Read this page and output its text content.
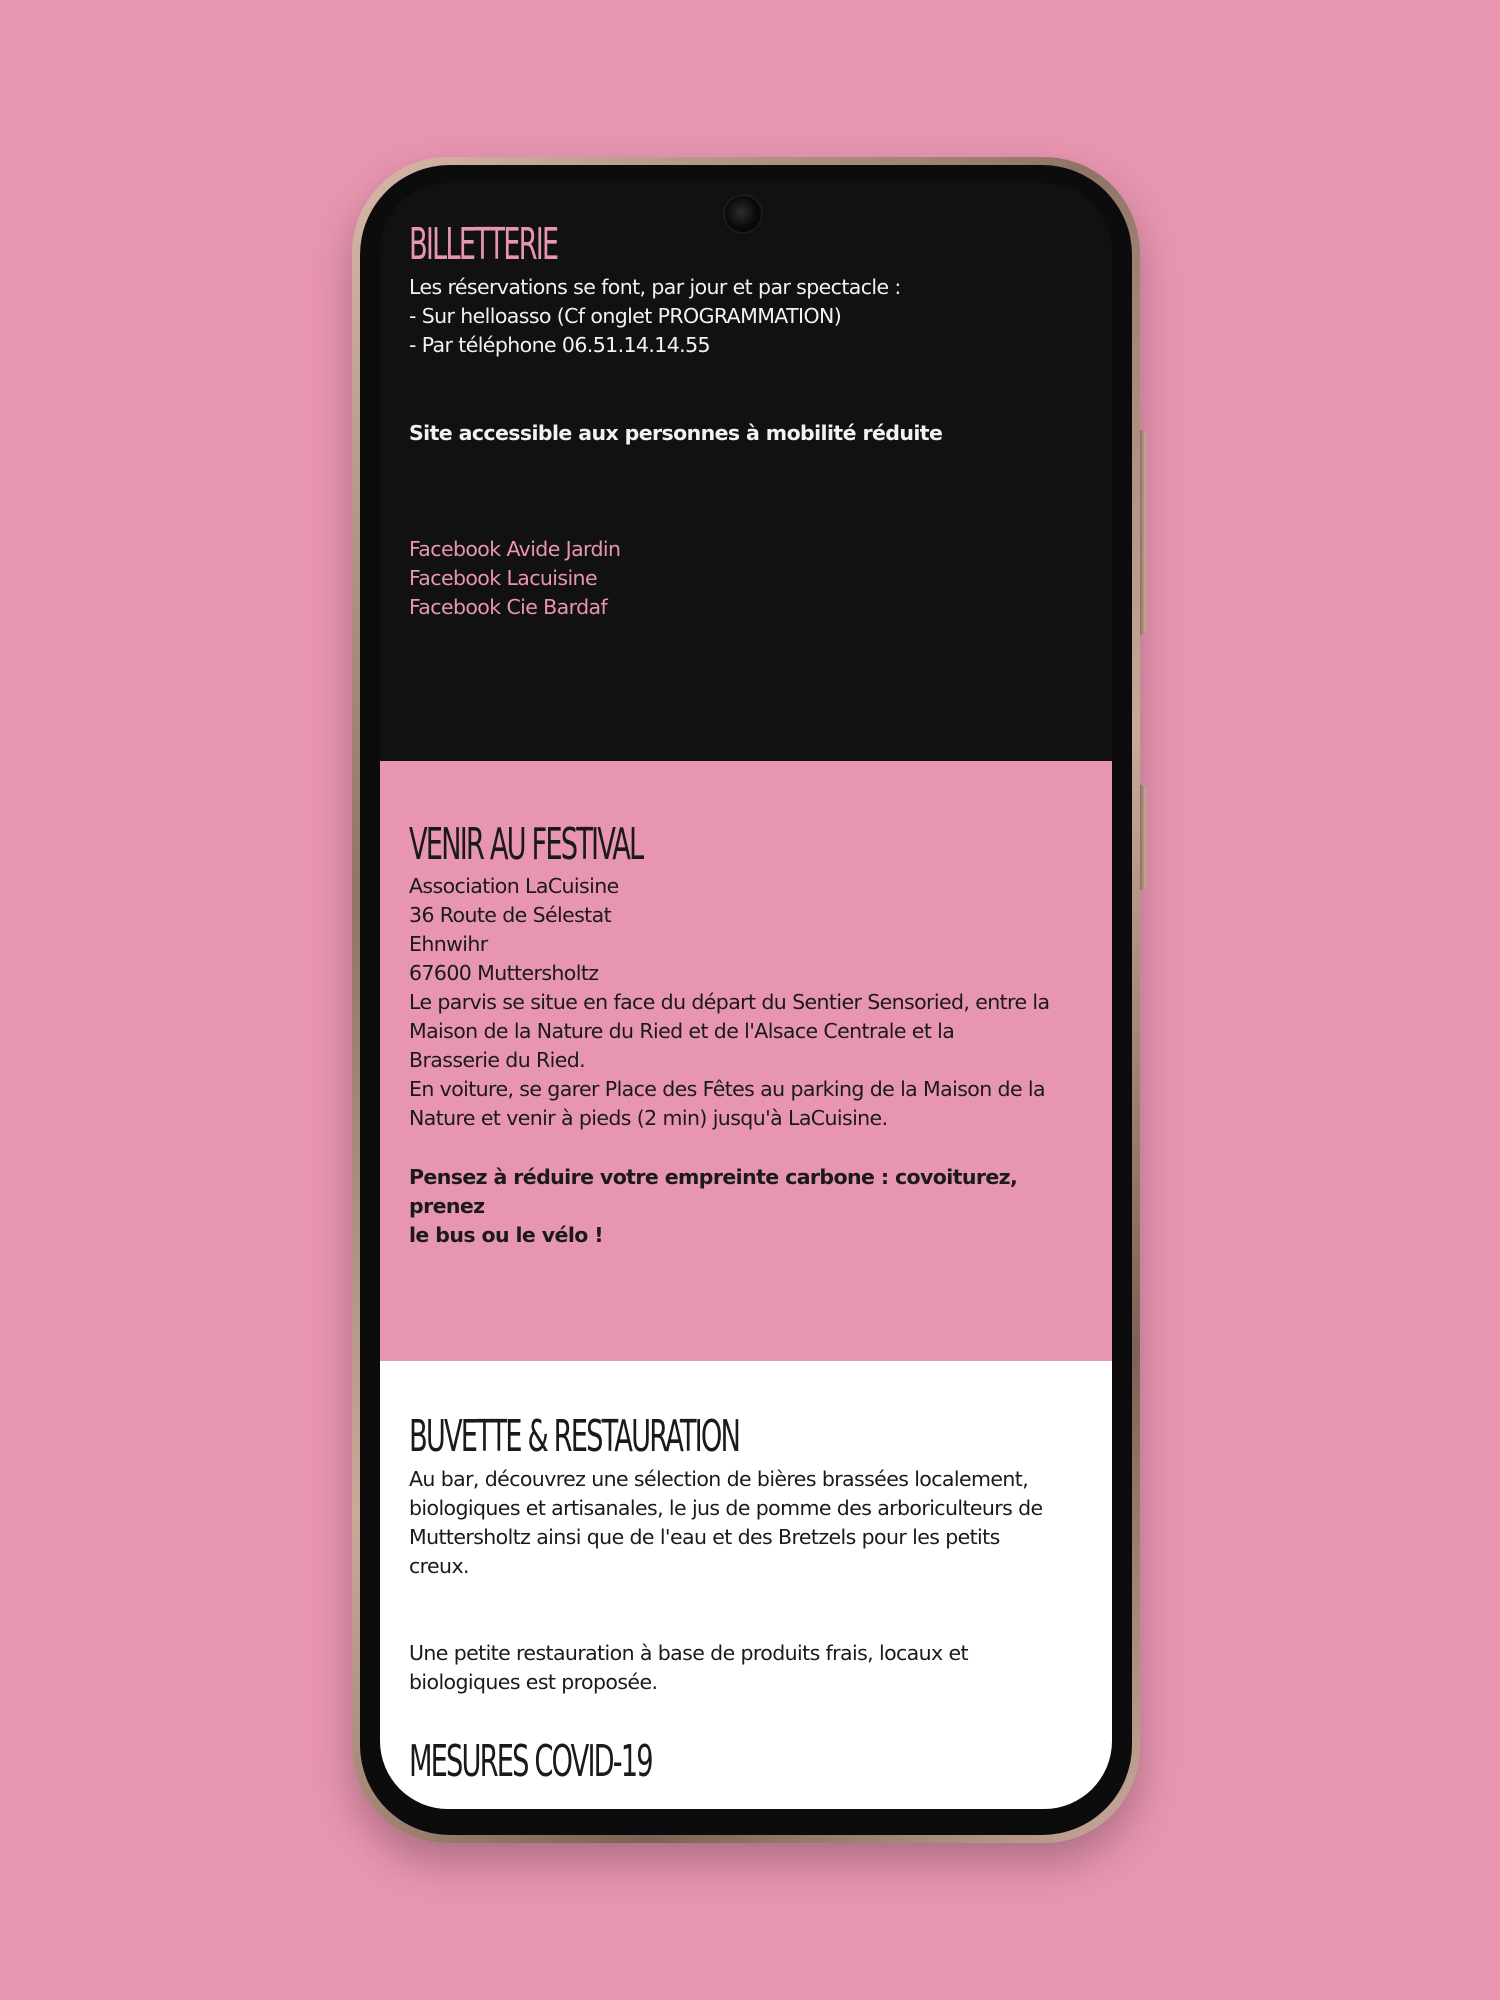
BILLETTERIE
Les réservations se font, par jour et par spectacle :
- Sur helloasso (Cf onglet PROGRAMMATION)
- Par téléphone 06.51.14.14.55
Site accessible aux personnes à mobilité réduite
Facebook Avide Jardin
Facebook Lacuisine
Facebook Cie Bardaf
VENIR AU FESTIVAL
Association LaCuisine
36 Route de Sélestat
Ehnwihr
67600 Muttersholtz
Le parvis se situe en face du départ du Sentier Sensoried, entre la
Maison de la Nature du Ried et de l'Alsace Centrale et la
Brasserie du Ried.
En voiture, se garer Place des Fêtes au parking de la Maison de la
Nature et venir à pieds (2 min) jusqu'à LaCuisine.
Pensez à réduire votre empreinte carbone : covoiturez, prenez
le bus ou le vélo !
BUVETTE & RESTAURATION
Au bar, découvrez une sélection de bières brassées localement,
biologiques et artisanales, le jus de pomme des arboriculteurs de
Muttersholtz ainsi que de l'eau et des Bretzels pour les petits
creux.
Une petite restauration à base de produits frais, locaux et
biologiques est proposée.
MESURES COVID-19
